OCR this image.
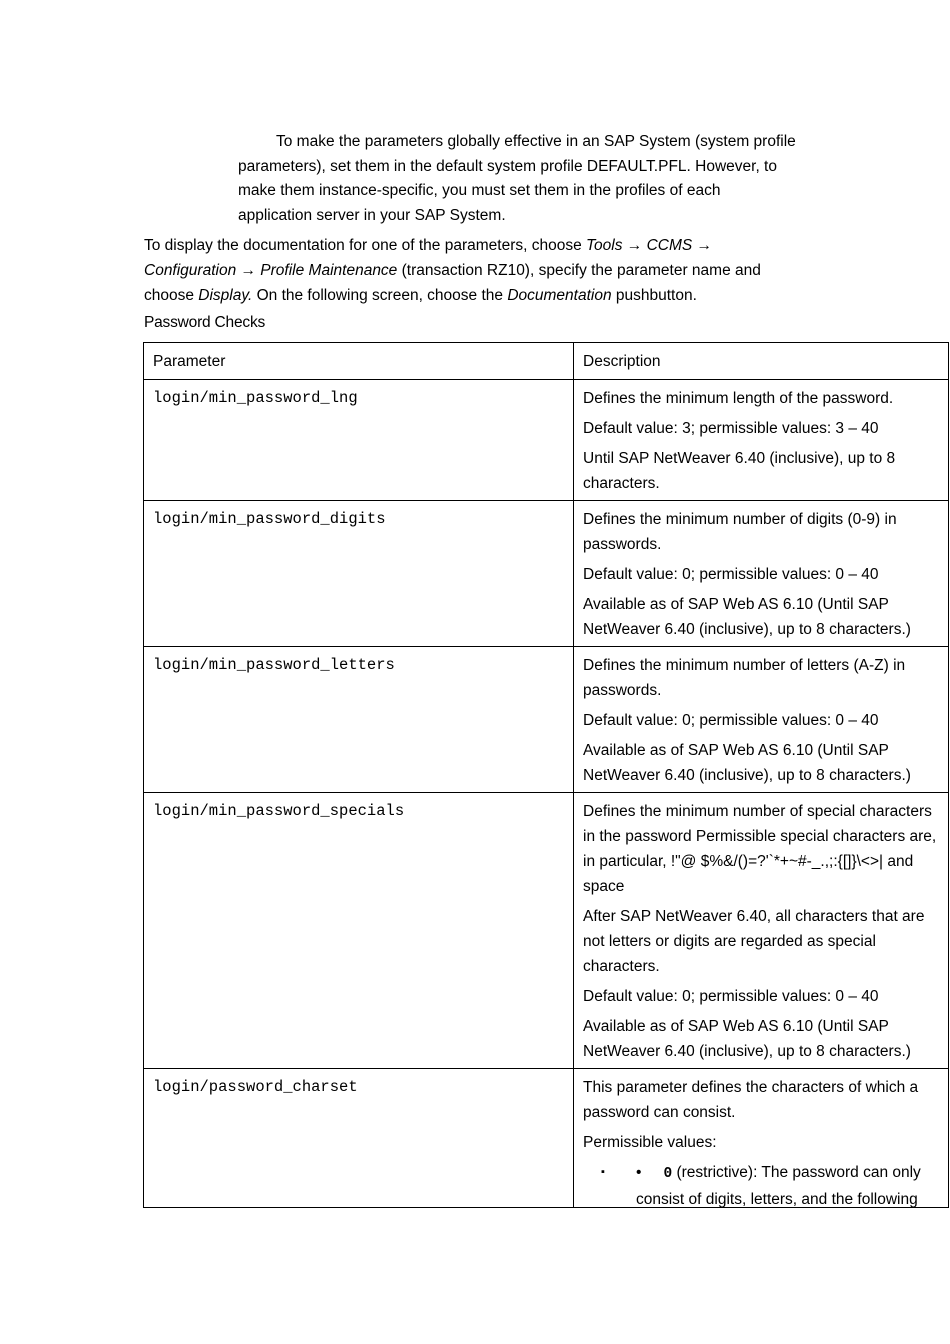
To make the parameters globally effective in an SAP System (system profile parameters), set them in the default system profile DEFAULT.PFL. However, to make them instance-specific, you must set them in the profiles of each application server in your SAP System.

To display the documentation for one of the parameters, choose Tools → CCMS → Configuration → Profile Maintenance (transaction RZ10), specify the parameter name and choose Display. On the following screen, choose the Documentation pushbutton.

Password Checks
Parameter	Description
login/min_password_lng	Defines the minimum length of the password.

Default value: 3; permissible values: 3 – 40

Until SAP NetWeaver 6.40 (inclusive), up to 8 characters.

login/min_password_digits	Defines the minimum number of digits (0-9) in passwords.

Default value: 0; permissible values: 0 – 40

Available as of SAP Web AS 6.10 (Until SAP NetWeaver 6.40 (inclusive), up to 8 characters.)

login/min_password_letters	Defines the minimum number of letters (A-Z) in passwords.

Default value: 0; permissible values: 0 – 40

Available as of SAP Web AS 6.10 (Until SAP NetWeaver 6.40 (inclusive), up to 8 characters.)

login/min_password_specials	Defines the minimum number of special characters in the password Permissible special characters are, in particular, !"@ $%&/()=?'`*+~#-_.,;:{[]}\<>| and space

After SAP NetWeaver 6.40, all characters that are not letters or digits are regarded as special characters.

Default value: 0; permissible values: 0 – 40

Available as of SAP Web AS 6.10 (Until SAP NetWeaver 6.40 (inclusive), up to 8 characters.)

login/password_charset	This parameter defines the characters of which a password can consist.

Permissible values:

▪ • 0 (restrictive): The password can only consist of digits, letters, and the following
